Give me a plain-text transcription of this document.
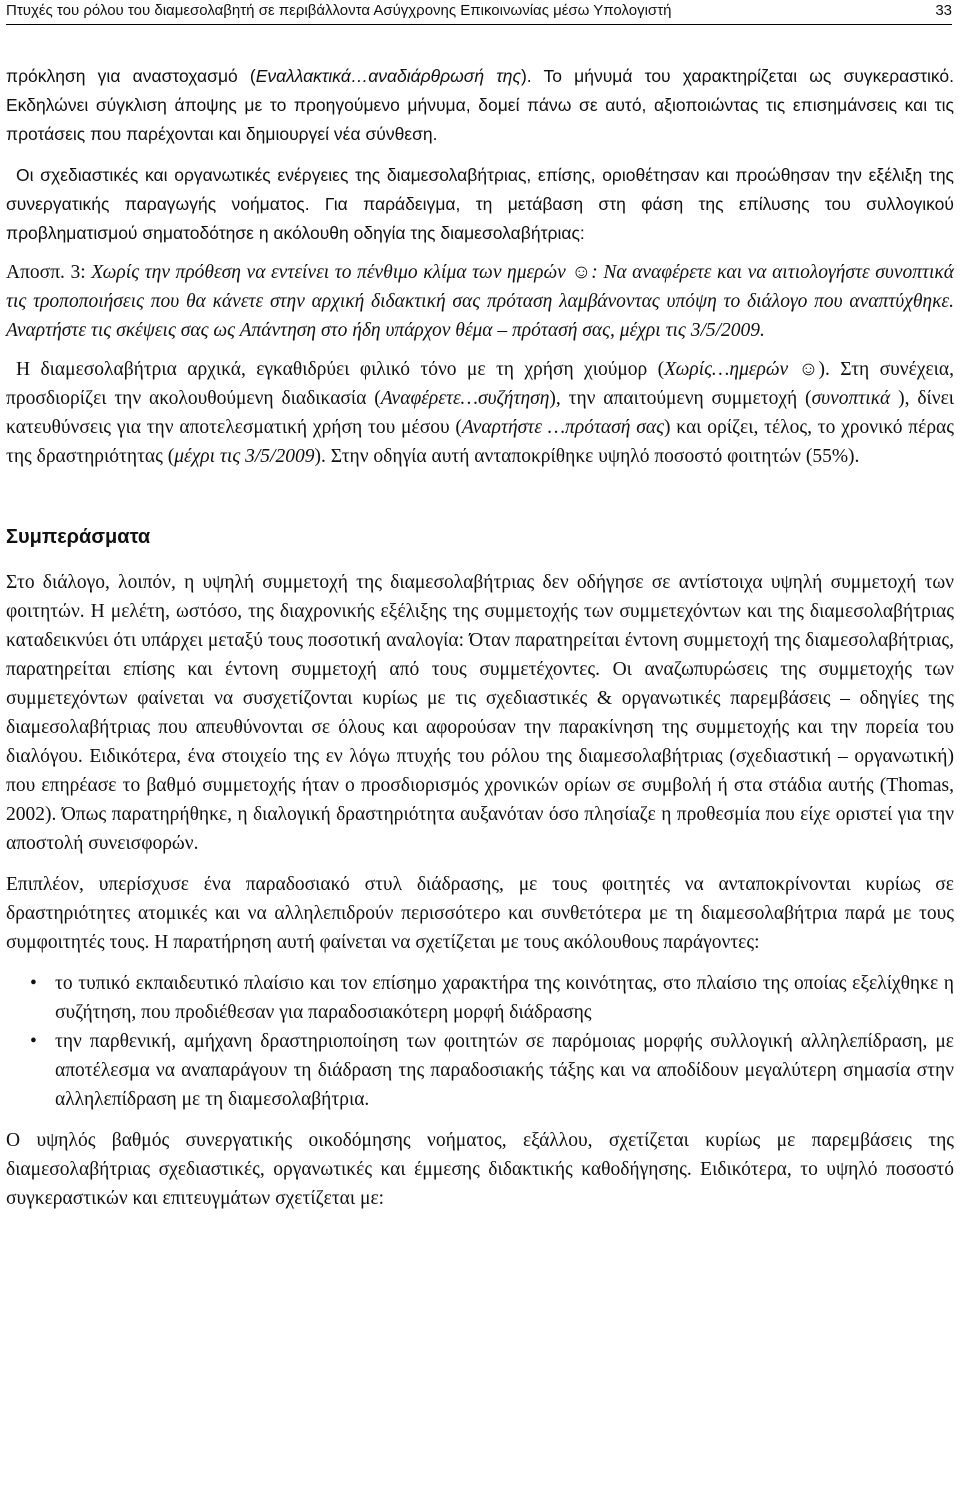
Πτυχές του ρόλου του διαμεσολαβητή σε περιβάλλοντα Ασύγχρονης Επικοινωνίας μέσω Υπολογιστή	33

πρόκληση για αναστοχασμό (Εναλλακτικά…αναδιάρθρωσή της). Το μήνυμά του χαρακτηρίζεται ως συγκεραστικό. Εκδηλώνει σύγκλιση άποψης με το προηγούμενο μήνυμα, δομεί πάνω σε αυτό, αξιοποιώντας τις επισημάνσεις και τις προτάσεις που παρέχονται και δημιουργεί νέα σύνθεση.

Οι σχεδιαστικές και οργανωτικές ενέργειες της διαμεσολαβήτριας, επίσης, οριοθέτησαν και προώθησαν την εξέλιξη της συνεργατικής παραγωγής νοήματος. Για παράδειγμα, τη μετάβαση στη φάση της επίλυσης του συλλογικού προβληματισμού σηματοδότησε η ακόλουθη οδηγία της διαμεσολαβήτριας:

Αποσπ. 3: Χωρίς την πρόθεση να εντείνει το πένθιμο κλίμα των ημερών ☺: Να αναφέρετε και να αιτιολογήστε συνοπτικά τις τροποποιήσεις που θα κάνετε στην αρχική διδακτική σας πρόταση λαμβάνοντας υπόψη το διάλογο που αναπτύχθηκε. Αναρτήστε τις σκέψεις σας ως Απάντηση στο ήδη υπάρχον θέμα – πρότασή σας, μέχρι τις 3/5/2009.

Η διαμεσολαβήτρια αρχικά, εγκαθιδρύει φιλικό τόνο με τη χρήση χιούμορ (Χωρίς…ημερών ☺). Στη συνέχεια, προσδιορίζει την ακολουθούμενη διαδικασία (Αναφέρετε…συζήτηση), την απαιτούμενη συμμετοχή (συνοπτικά ), δίνει κατευθύνσεις για την αποτελεσματική χρήση του μέσου (Αναρτήστε …πρότασή σας) και ορίζει, τέλος, το χρονικό πέρας της δραστηριότητας (μέχρι τις 3/5/2009). Στην οδηγία αυτή ανταποκρίθηκε υψηλό ποσοστό φοιτητών (55%).

Συμπεράσματα

Στο διάλογο, λοιπόν, η υψηλή συμμετοχή της διαμεσολαβήτριας δεν οδήγησε σε αντίστοιχα υψηλή συμμετοχή των φοιτητών. Η μελέτη, ωστόσο, της διαχρονικής εξέλιξης της συμμετοχής των συμμετεχόντων και της διαμεσολαβήτριας καταδεικνύει ότι υπάρχει μεταξύ τους ποσοτική αναλογία: Όταν παρατηρείται έντονη συμμετοχή της διαμεσολαβήτριας, παρατηρείται επίσης και έντονη συμμετοχή από τους συμμετέχοντες. Οι αναζωπυρώσεις της συμμετοχής των συμμετεχόντων φαίνεται να συσχετίζονται κυρίως με τις σχεδιαστικές & οργανωτικές παρεμβάσεις – οδηγίες της διαμεσολαβήτριας που απευθύνονται σε όλους και αφορούσαν την παρακίνηση της συμμετοχής και την πορεία του διαλόγου. Ειδικότερα, ένα στοιχείο της εν λόγω πτυχής του ρόλου της διαμεσολαβήτριας (σχεδιαστική – οργανωτική) που επηρέασε το βαθμό συμμετοχής ήταν ο προσδιορισμός χρονικών ορίων σε συμβολή ή στα στάδια αυτής (Thomas, 2002). Όπως παρατηρήθηκε, η διαλογική δραστηριότητα αυξανόταν όσο πλησίαζε η προθεσμία που είχε οριστεί για την αποστολή συνεισφορών.

Επιπλέον, υπερίσχυσε ένα παραδοσιακό στυλ διάδρασης, με τους φοιτητές να ανταποκρίνονται κυρίως σε δραστηριότητες ατομικές και να αλληλεπιδρούν περισσότερο και συνθετότερα με τη διαμεσολαβήτρια παρά με τους συμφοιτητές τους. Η παρατήρηση αυτή φαίνεται να σχετίζεται με τους ακόλουθους παράγοντες:

• το τυπικό εκπαιδευτικό πλαίσιο και τον επίσημο χαρακτήρα της κοινότητας, στο πλαίσιο της οποίας εξελίχθηκε η συζήτηση, που προδιέθεσαν για παραδοσιακότερη μορφή διάδρασης
• την παρθενική, αμήχανη δραστηριοποίηση των φοιτητών σε παρόμοιας μορφής συλλογική αλληλεπίδραση, με αποτέλεσμα να αναπαράγουν τη διάδραση της παραδοσιακής τάξης και να αποδίδουν μεγαλύτερη σημασία στην αλληλεπίδραση με τη διαμεσολαβήτρια.

Ο υψηλός βαθμός συνεργατικής οικοδόμησης νοήματος, εξάλλου, σχετίζεται κυρίως με παρεμβάσεις της διαμεσολαβήτριας σχεδιαστικές, οργανωτικές και έμμεσης διδακτικής καθοδήγησης. Ειδικότερα, το υψηλό ποσοστό συγκεραστικών και επιτευγμάτων σχετίζεται με:
